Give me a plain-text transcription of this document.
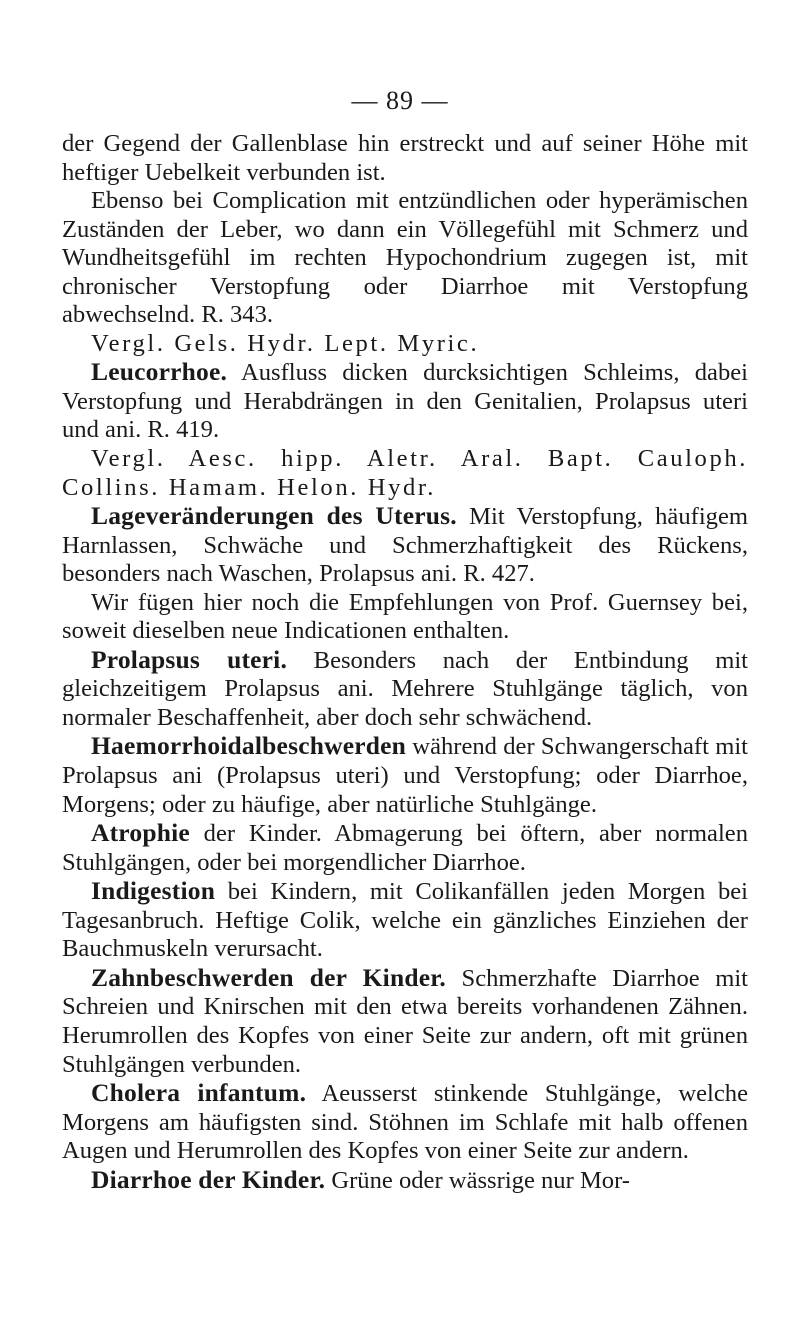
— 89 —

der Gegend der Gallenblase hin erstreckt und auf seiner Höhe mit heftiger Uebelkeit verbunden ist.

Ebenso bei Complication mit entzündlichen oder hyperämischen Zuständen der Leber, wo dann ein Völlegefühl mit Schmerz und Wundheitsgefühl im rechten Hypochondrium zugegen ist, mit chronischer Verstopfung oder Diarrhoe mit Verstopfung abwechselnd. R. 343.

Vergl. Gels. Hydr. Lept. Myric.

Leucorrhoe. Ausfluss dicken durcksichtigen Schleims, dabei Verstopfung und Herabdrängen in den Genitalien, Prolapsus uteri und ani. R. 419.

Vergl. Aesc. hipp. Aletr. Aral. Bapt. Cauloph. Collins. Hamam. Helon. Hydr.

Lageveränderungen des Uterus. Mit Verstopfung, häufigem Harnlassen, Schwäche und Schmerzhaftigkeit des Rückens, besonders nach Waschen, Prolapsus ani. R. 427.

Wir fügen hier noch die Empfehlungen von Prof. Guernsey bei, soweit dieselben neue Indicationen enthalten.

Prolapsus uteri. Besonders nach der Entbindung mit gleichzeitigem Prolapsus ani. Mehrere Stuhlgänge täglich, von normaler Beschaffenheit, aber doch sehr schwächend.

Haemorrhoidalbeschwerden während der Schwangerschaft mit Prolapsus ani (Prolapsus uteri) und Verstopfung; oder Diarrhoe, Morgens; oder zu häufige, aber natürliche Stuhlgänge.

Atrophie der Kinder. Abmagerung bei öftern, aber normalen Stuhlgängen, oder bei morgendlicher Diarrhoe.

Indigestion bei Kindern, mit Colikanfällen jeden Morgen bei Tagesanbruch. Heftige Colik, welche ein gänzliches Einziehen der Bauchmuskeln verursacht.

Zahnbeschwerden der Kinder. Schmerzhafte Diarrhoe mit Schreien und Knirschen mit den etwa bereits vorhandenen Zähnen. Herumrollen des Kopfes von einer Seite zur andern, oft mit grünen Stuhlgängen verbunden.

Cholera infantum. Aeusserst stinkende Stuhlgänge, welche Morgens am häufigsten sind. Stöhnen im Schlafe mit halb offenen Augen und Herumrollen des Kopfes von einer Seite zur andern.

Diarrhoe der Kinder. Grüne oder wässrige nur Mor-
